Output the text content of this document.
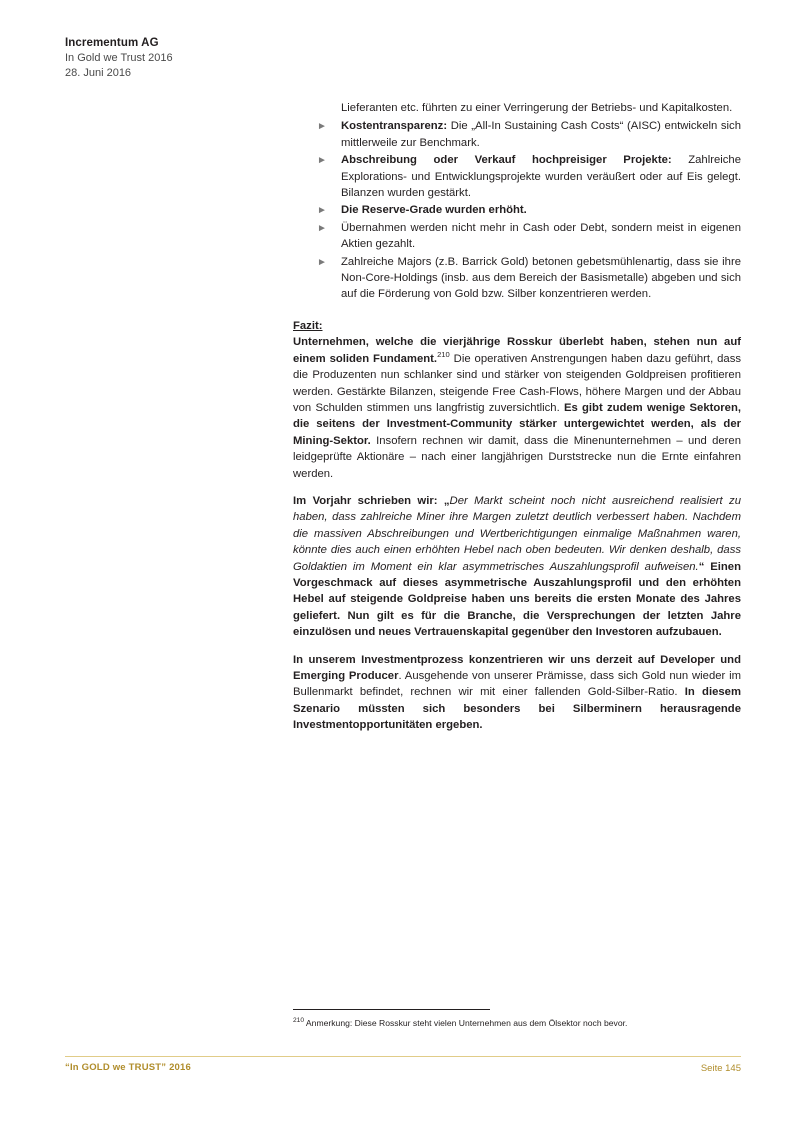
Incrementum AG
In Gold we Trust 2016
28. Juni 2016

Lieferanten etc. führten zu einer Verringerung der Betriebs- und Kapitalkosten.

► Kostentransparenz: Die „All-In Sustaining Cash Costs“ (AISC) entwickeln sich mittlerweile zur Benchmark.
► Abschreibung oder Verkauf hochpreisiger Projekte: Zahlreiche Explorations- und Entwicklungsprojekte wurden veräußert oder auf Eis gelegt. Bilanzen wurden gestärkt.
► Die Reserve-Grade wurden erhöht.
► Übernahmen werden nicht mehr in Cash oder Debt, sondern meist in eigenen Aktien gezahlt.
► Zahlreiche Majors (z.B. Barrick Gold) betonen gebetsmühlenartig, dass sie ihre Non-Core-Holdings (insb. aus dem Bereich der Basismetalle) abgeben und sich auf die Förderung von Gold bzw. Silber konzentrieren werden.

Fazit:

Unternehmen, welche die vierjährige Rosskur überlebt haben, stehen nun auf einem soliden Fundament.$^{210}$ Die operativen Anstrengungen haben dazu geführt, dass die Produzenten nun schlanker sind und stärker von steigenden Goldpreisen profitieren werden. Gestärkte Bilanzen, steigende Free Cash-Flows, höhere Margen und der Abbau von Schulden stimmen uns langfristig zuversichtlich. Es gibt zudem wenige Sektoren, die seitens der Investment-Community stärker untergewichtet werden, als der Mining-Sektor. Insofern rechnen wir damit, dass die Minenunternehmen – und deren leidgeprüfte Aktionäre – nach einer langjährigen Durststrecke nun die Ernte einfahren werden.

Im Vorjahr schrieben wir: „Der Markt scheint noch nicht ausreichend realisiert zu haben, dass zahlreiche Miner ihre Margen zuletzt deutlich verbessert haben. Nachdem die massiven Abschreibungen und Wertberichtigungen einmalige Maßnahmen waren, könnte dies auch einen erhöhten Hebel nach oben bedeuten. Wir denken deshalb, dass Goldaktien im Moment ein klar asymmetrisches Auszahlungsprofil aufweisen.“ Einen Vorgeschmack auf dieses asymmetrische Auszahlungsprofil und den erhöhten Hebel auf steigende Goldpreise haben uns bereits die ersten Monate des Jahres geliefert. Nun gilt es für die Branche, die Versprechungen der letzten Jahre einzulösen und neues Vertrauenskapital gegenüber den Investoren aufzubauen.

In unserem Investmentprozess konzentrieren wir uns derzeit auf Developer und Emerging Producer. Ausgehende von unserer Prämisse, dass sich Gold nun wieder im Bullenmarkt befindet, rechnen wir mit einer fallenden Gold-Silber-Ratio. In diesem Szenario müssten sich besonders bei Silberminern herausragende Investmentopportunitäten ergeben.

$^{210}$ Anmerkung: Diese Rosskur steht vielen Unternehmen aus dem Ölsektor noch bevor.
“In GOLD we TRUST” 2016	Seite 145
